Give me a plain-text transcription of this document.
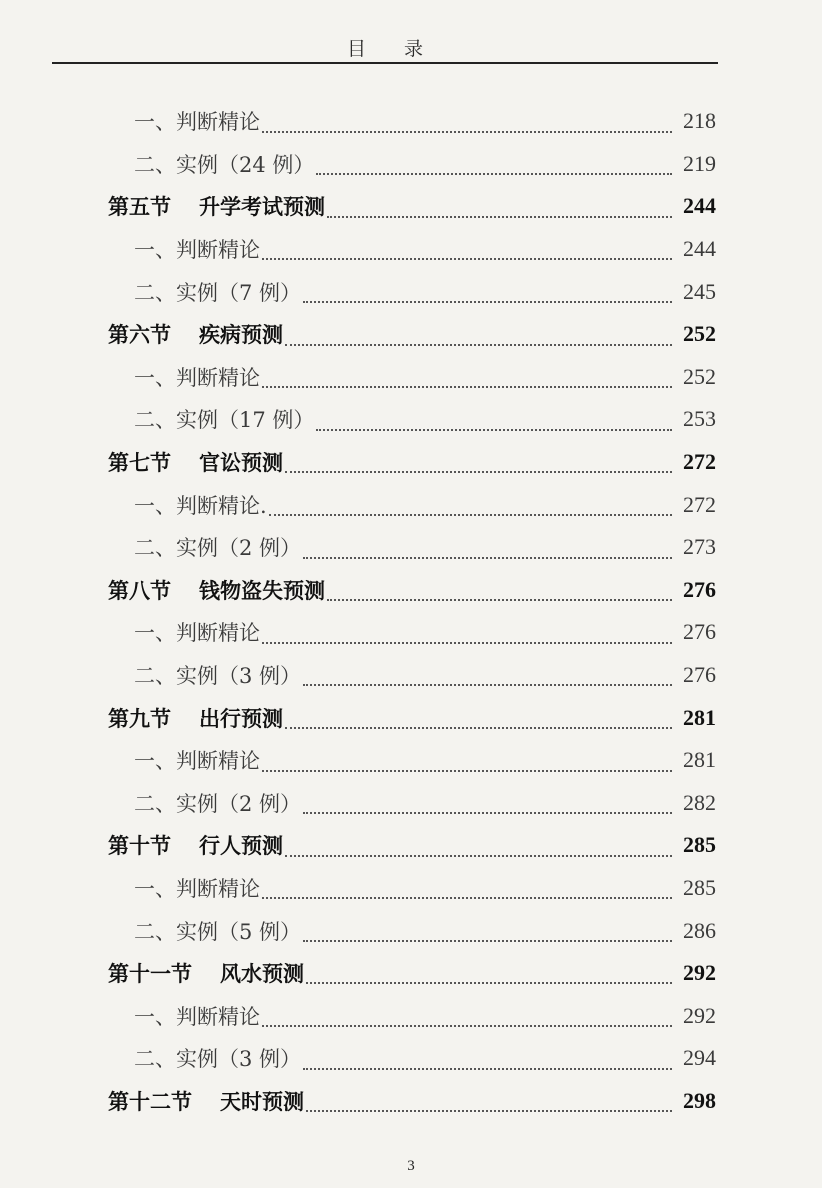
目录
一、判断精论	218
二、实例（24 例）	219
第五节 升学考试预测	244
一、判断精论	244
二、实例（7 例）	245
第六节 疾病预测	252
一、判断精论	252
二、实例（17 例）	253
第七节 官讼预测	272
一、判断精论.	272
二、实例（2 例）	273
第八节 钱物盗失预测	276
一、判断精论	276
二、实例（3 例）	276
第九节 出行预测	281
一、判断精论	281
二、实例（2 例）	282
第十节 行人预测	285
一、判断精论	285
二、实例（5 例）	286
第十一节 风水预测	292
一、判断精论	292
二、实例（3 例）	294
第十二节 天时预测	298
3
